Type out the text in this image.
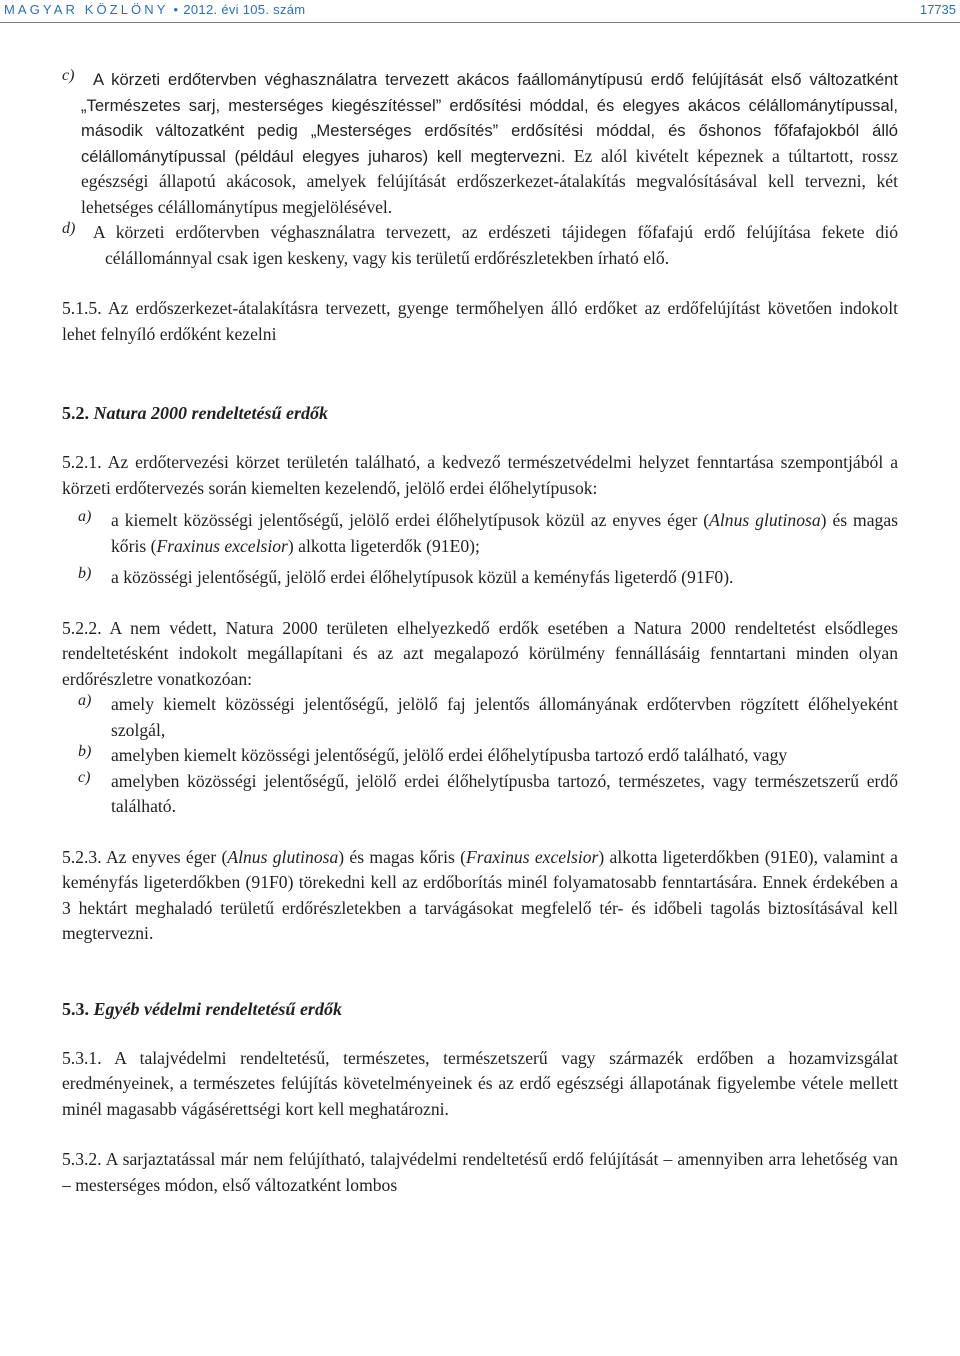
MAGYAR KÖZLÖNY • 2012. évi 105. szám	17735
c)	A körzeti erdőtervben véghasználatra tervezett akácos faállománytípusú erdő felújítását első változatként „Természetes sarj, mesterséges kiegészítéssel” erdősítési móddal, és elegyes akácos célállománytípussal, második változatként pedig „Mesterséges erdősítés” erdősítési móddal, és őshonos főfafajokból álló célállománytípussal (például elegyes juharos) kell megtervezni. Ez alól kivételt képeznek a túltartott, rossz egészségi állapotú akácosok, amelyek felújítását erdőszerkezet-átalakítás megvalósításával kell tervezni, két lehetséges célállománytípus megjelölésével.

d) A körzeti erdőtervben véghasználatra tervezett, az erdészeti tájidegen főfafajú erdő felújítása fekete dió célállománnyal csak igen keskeny, vagy kis területű erdőrészletekben írható elő.

5.1.5. Az erdőszerkezet-átalakításra tervezett, gyenge termőhelyen álló erdőket az erdőfelújítást követően indokolt lehet felnyíló erdőként kezelni

5.2. Natura 2000 rendeltetésű erdők

5.2.1. Az erdőtervezési körzet területén található, a kedvező természetvédelmi helyzet fenntartása szempontjából a körzeti erdőtervezés során kiemelten kezelendő, jelölő erdei élőhelytípusok:

a) a kiemelt közösségi jelentőségű, jelölő erdei élőhelytípusok közül az enyves éger (Alnus glutinosa) és magas kőris (Fraxinus excelsior) alkotta ligeterdők (91E0);

b) a közösségi jelentőségű, jelölő erdei élőhelytípusok közül a keményfás ligeterdő (91F0).

5.2.2. A nem védett, Natura 2000 területen elhelyezkedő erdők esetében a Natura 2000 rendeltetést elsődleges rendeltetésként indokolt megállapítani és az azt megalapozó körülmény fennállásáig fenntartani minden olyan erdőrészletre vonatkozóan:

a) amely kiemelt közösségi jelentőségű, jelölő faj jelentős állományának erdőtervben rögzített élőhelyeként szolgál,

b) amelyben kiemelt közösségi jelentőségű, jelölő erdei élőhelytípusba tartozó erdő található, vagy

c) amelyben közösségi jelentőségű, jelölő erdei élőhelytípusba tartozó, természetes, vagy természetszerű erdő található.

5.2.3. Az enyves éger (Alnus glutinosa) és magas kőris (Fraxinus excelsior) alkotta ligeterdőkben (91E0), valamint a keményfás ligeterdőkben (91F0) törekedni kell az erdőborítás minél folyamatosabb fenntartására. Ennek érdekében a 3 hektárt meghaladó területű erdőrészletekben a tarvágásokat megfelelő tér- és időbeli tagolás biztosításával kell megtervezni.

5.3. Egyéb védelmi rendeltetésű erdők

5.3.1. A talajvédelmi rendeltetésű, természetes, természetszerű vagy származék erdőben a hozamvizsgálat eredményeinek, a természetes felújítás követelményeinek és az erdő egészségi állapotának figyelembe vétele mellett minél magasabb vágásérettségi kort kell meghatározni.

5.3.2. A sarjaztatással már nem felújítható, talajvédelmi rendeltetésű erdő felújítását – amennyiben arra lehetőség van – mesterséges módon, első változatként lombos
